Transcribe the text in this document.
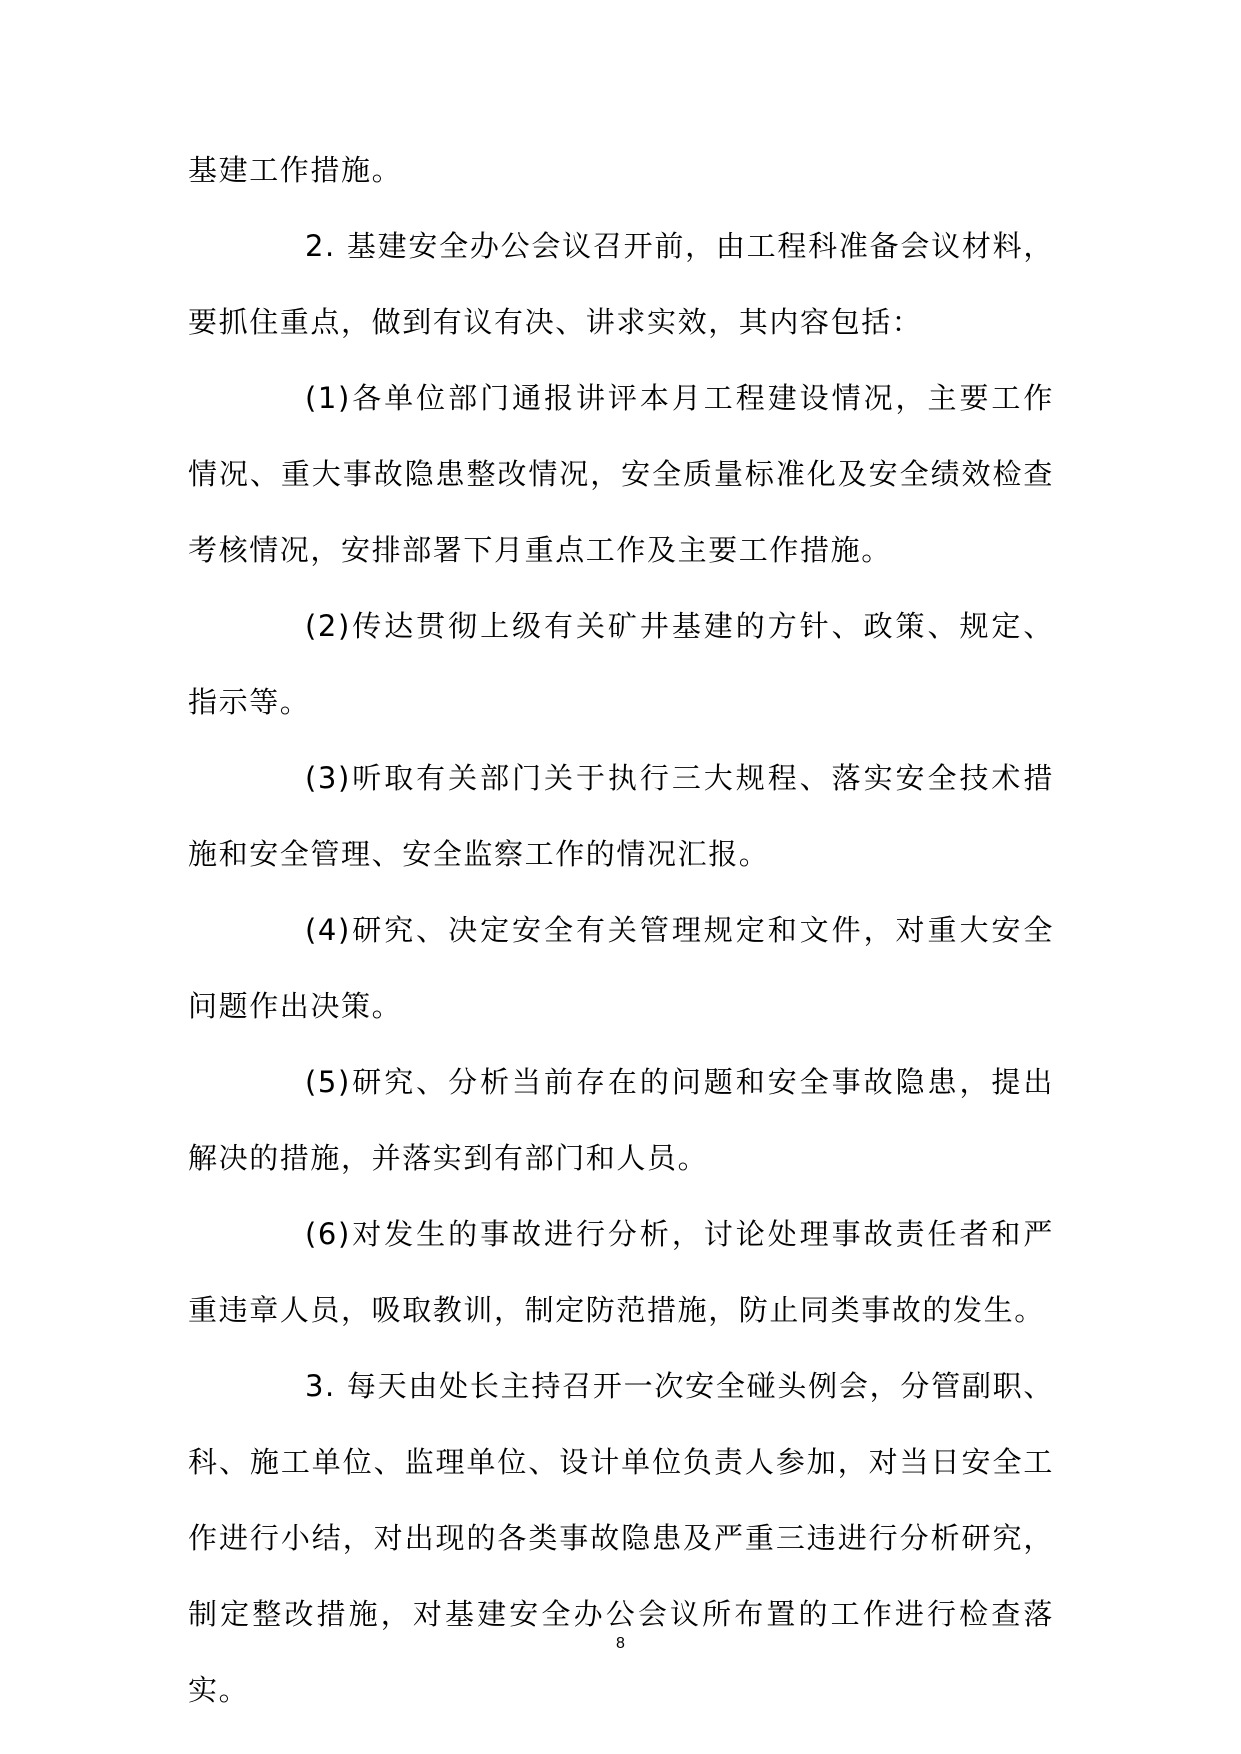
基建工作措施。

2. 基建安全办公会议召开前，由工程科准备会议材料，要抓住重点，做到有议有决、讲求实效，其内容包括：

(1)各单位部门通报讲评本月工程建设情况，主要工作情况、重大事故隐患整改情况，安全质量标准化及安全绩效检查考核情况，安排部署下月重点工作及主要工作措施。

(2)传达贯彻上级有关矿井基建的方针、政策、规定、指示等。

(3)听取有关部门关于执行三大规程、落实安全技术措施和安全管理、安全监察工作的情况汇报。

(4)研究、决定安全有关管理规定和文件，对重大安全问题作出决策。

(5)研究、分析当前存在的问题和安全事故隐患，提出解决的措施，并落实到有部门和人员。

(6)对发生的事故进行分析，讨论处理事故责任者和严重违章人员，吸取教训，制定防范措施，防止同类事故的发生。

3. 每天由处长主持召开一次安全碰头例会，分管副职、科、施工单位、监理单位、设计单位负责人参加，对当日安全工作进行小结，对出现的各类事故隐患及严重三违进行分析研究，制定整改措施，对基建安全办公会议所布置的工作进行检查落实。

8
